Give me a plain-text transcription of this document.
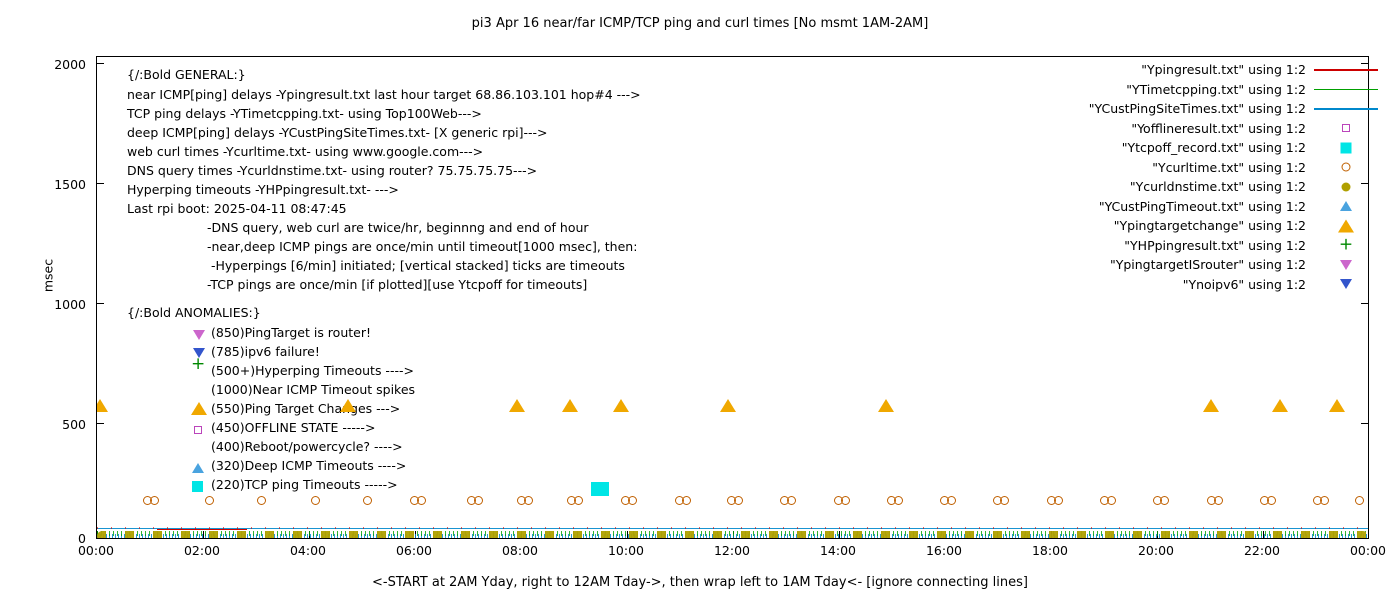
pi3 Apr 16 near/far ICMP/TCP ping and curl times [No msmt 1AM-2AM]
msec
2000
1500
1000
500
0
00:00	02:00	04:00	06:00	08:00	10:00	12:00	14:00	16:00	18:00	20:00	22:00	00:00
<-START at 2AM Yday, right to 12AM Tday->, then wrap left to 1AM Tday<- [ignore connecting lines]
{/:Bold GENERAL:}
near ICMP[ping] delays -Ypingresult.txt last hour target 68.86.103.101 hop#4 --->
TCP ping delays -YTimetcpping.txt- using Top100Web--->
deep ICMP[ping] delays -YCustPingSiteTimes.txt- [X generic rpi]--->
web curl times -Ycurltime.txt- using www.google.com--->
DNS query times -Ycurldnstime.txt- using router? 75.75.75.75--->
Hyperping timeouts -YHPpingresult.txt- --->
Last rpi boot: 2025-04-11 08:47:45
-DNS query, web curl are twice/hr, beginnng and end of hour
-near,deep ICMP pings are once/min until timeout[1000 msec], then:
-Hyperpings [6/min] initiated; [vertical stacked] ticks are timeouts
-TCP pings are once/min [if plotted][use Ytcpoff for timeouts]
{/:Bold ANOMALIES:}
(850)PingTarget is router!
(785)ipv6 failure!
+ (500+)Hyperping Timeouts ---->
(1000)Near ICMP Timeout spikes
(550)Ping Target Changes --->
(450)OFFLINE STATE ----->
(400)Reboot/powercycle? ---->
(320)Deep ICMP Timeouts ---->
(220)TCP ping Timeouts ----->
"Ypingresult.txt" using 1:2
"YTimetcpping.txt" using 1:2
"YCustPingSiteTimes.txt" using 1:2
"Yofflineresult.txt" using 1:2
"Ytcpoff_record.txt" using 1:2
"Ycurltime.txt" using 1:2
"Ycurldnstime.txt" using 1:2
"YCustPingTimeout.txt" using 1:2
"Ypingtargetchange" using 1:2
"YHPpingresult.txt" using 1:2 +
"YpingtargetISrouter" using 1:2
"Ynoipv6" using 1:2
